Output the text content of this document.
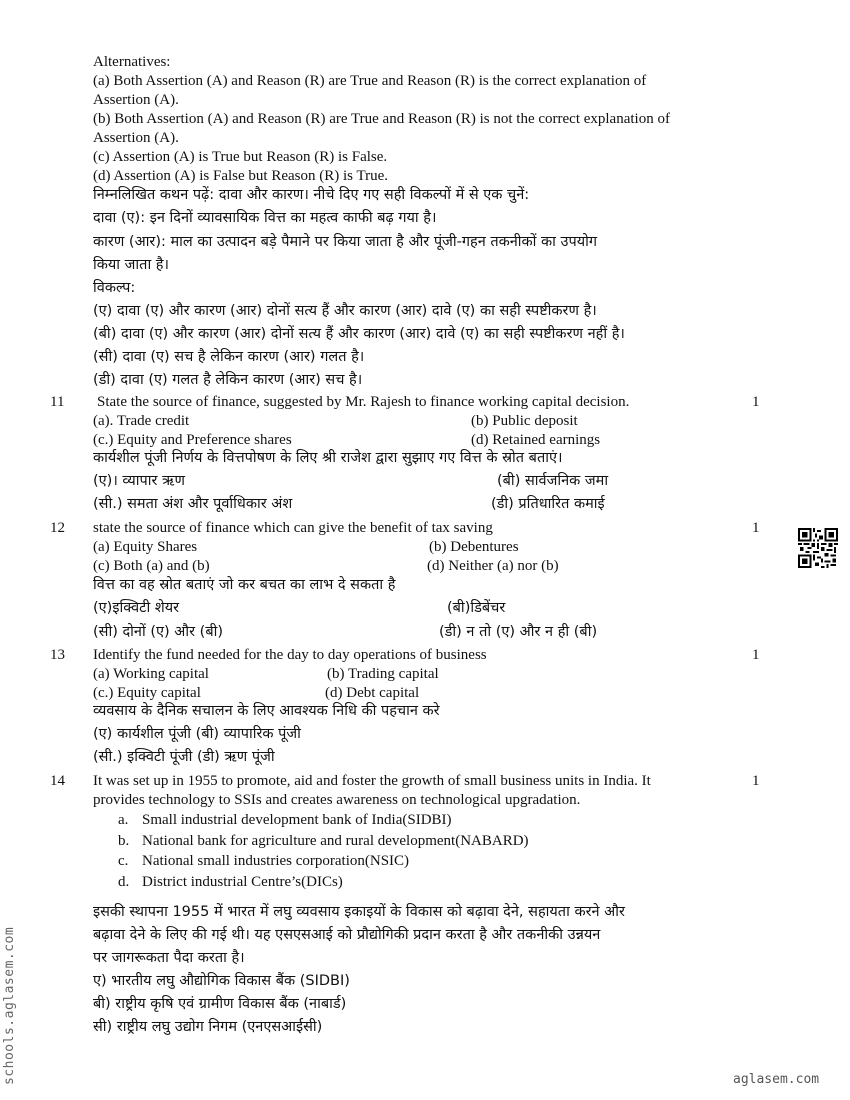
Alternatives:
(a) Both Assertion (A) and Reason (R) are True and Reason (R) is the correct explanation of
Assertion (A).
(b) Both Assertion (A) and Reason (R) are True and Reason (R) is not the correct explanation of
Assertion (A).
(c) Assertion (A) is True but Reason (R) is False.
(d) Assertion (A) is False but Reason (R) is True.
निम्नलिखित कथन पढ़ें: दावा और कारण। नीचे दिए गए सही विकल्पों में से एक चुनें:
दावा (ए): इन दिनों व्यावसायिक वित्त का महत्व काफी बढ़ गया है।
कारण (आर): माल का उत्पादन बड़े पैमाने पर किया जाता है और पूंजी-गहन तकनीकों का उपयोग
किया जाता है।
विकल्प:
(ए) दावा (ए) और कारण (आर) दोनों सत्य हैं और कारण (आर) दावे (ए) का सही स्पष्टीकरण है।
(बी) दावा (ए) और कारण (आर) दोनों सत्य हैं और कारण (आर) दावे (ए) का सही स्पष्टीकरण नहीं है।
(सी) दावा (ए) सच है लेकिन कारण (आर) गलत है।
(डी) दावा (ए) गलत है लेकिन कारण (आर) सच है।
11 State the source of finance, suggested by Mr. Rajesh to finance working capital decision.	1
(a). Trade credit	(b) Public deposit
(c.) Equity and Preference shares	(d) Retained earnings
कार्यशील पूंजी निर्णय के वित्तपोषण के लिए श्री राजेश द्वारा सुझाए गए वित्त के स्रोत बताएं।
(ए)। व्यापार ऋण	(बी) सार्वजनिक जमा
(सी.) समता अंश और पूर्वाधिकार अंश	(डी) प्रतिधारित कमाई
12 state the source of finance which can give the benefit of tax saving	1
(a) Equity Shares	(b) Debentures
(c) Both (a) and (b)	(d) Neither (a) nor (b)
वित्त का वह स्रोत बताएं जो कर बचत का लाभ दे सकता है
(ए)इक्विटी शेयर	(बी)डिबेंचर
(सी) दोनों (ए) और (बी)	(डी) न तो (ए) और न ही (बी)
13 Identify the fund needed for the day to day operations of business	1
(a) Working capital	(b) Trading capital
(c.) Equity capital	(d) Debt capital
व्यवसाय के दैनिक सचालन के लिए आवश्यक निधि की पहचान करे
(ए) कार्यशील पूंजी (बी) व्यापारिक पूंजी
(सी.) इक्विटी पूंजी (डी) ऋण पूंजी
14 It was set up in 1955 to promote, aid and foster the growth of small business units in India. It	1
provides technology to SSIs and creates awareness on technological upgradation.
a. Small industrial development bank of India(SIDBI)
b. National bank for agriculture and rural development(NABARD)
c. National small industries corporation(NSIC)
d. District industrial Centre’s(DICs)
इसकी स्थापना 1955 में भारत में लघु व्यवसाय इकाइयों के विकास को बढ़ावा देने, सहायता करने और
बढ़ावा देने के लिए की गई थी। यह एसएसआई को प्रौद्योगिकी प्रदान करता है और तकनीकी उन्नयन
पर जागरूकता पैदा करता है।
ए) भारतीय लघु औद्योगिक विकास बैंक (SIDBI)
बी) राष्ट्रीय कृषि एवं ग्रामीण विकास बैंक (नाबार्ड)
सी) राष्ट्रीय लघु उद्योग निगम (एनएसआईसी)
schools.aglasem.com	aglasem.com
